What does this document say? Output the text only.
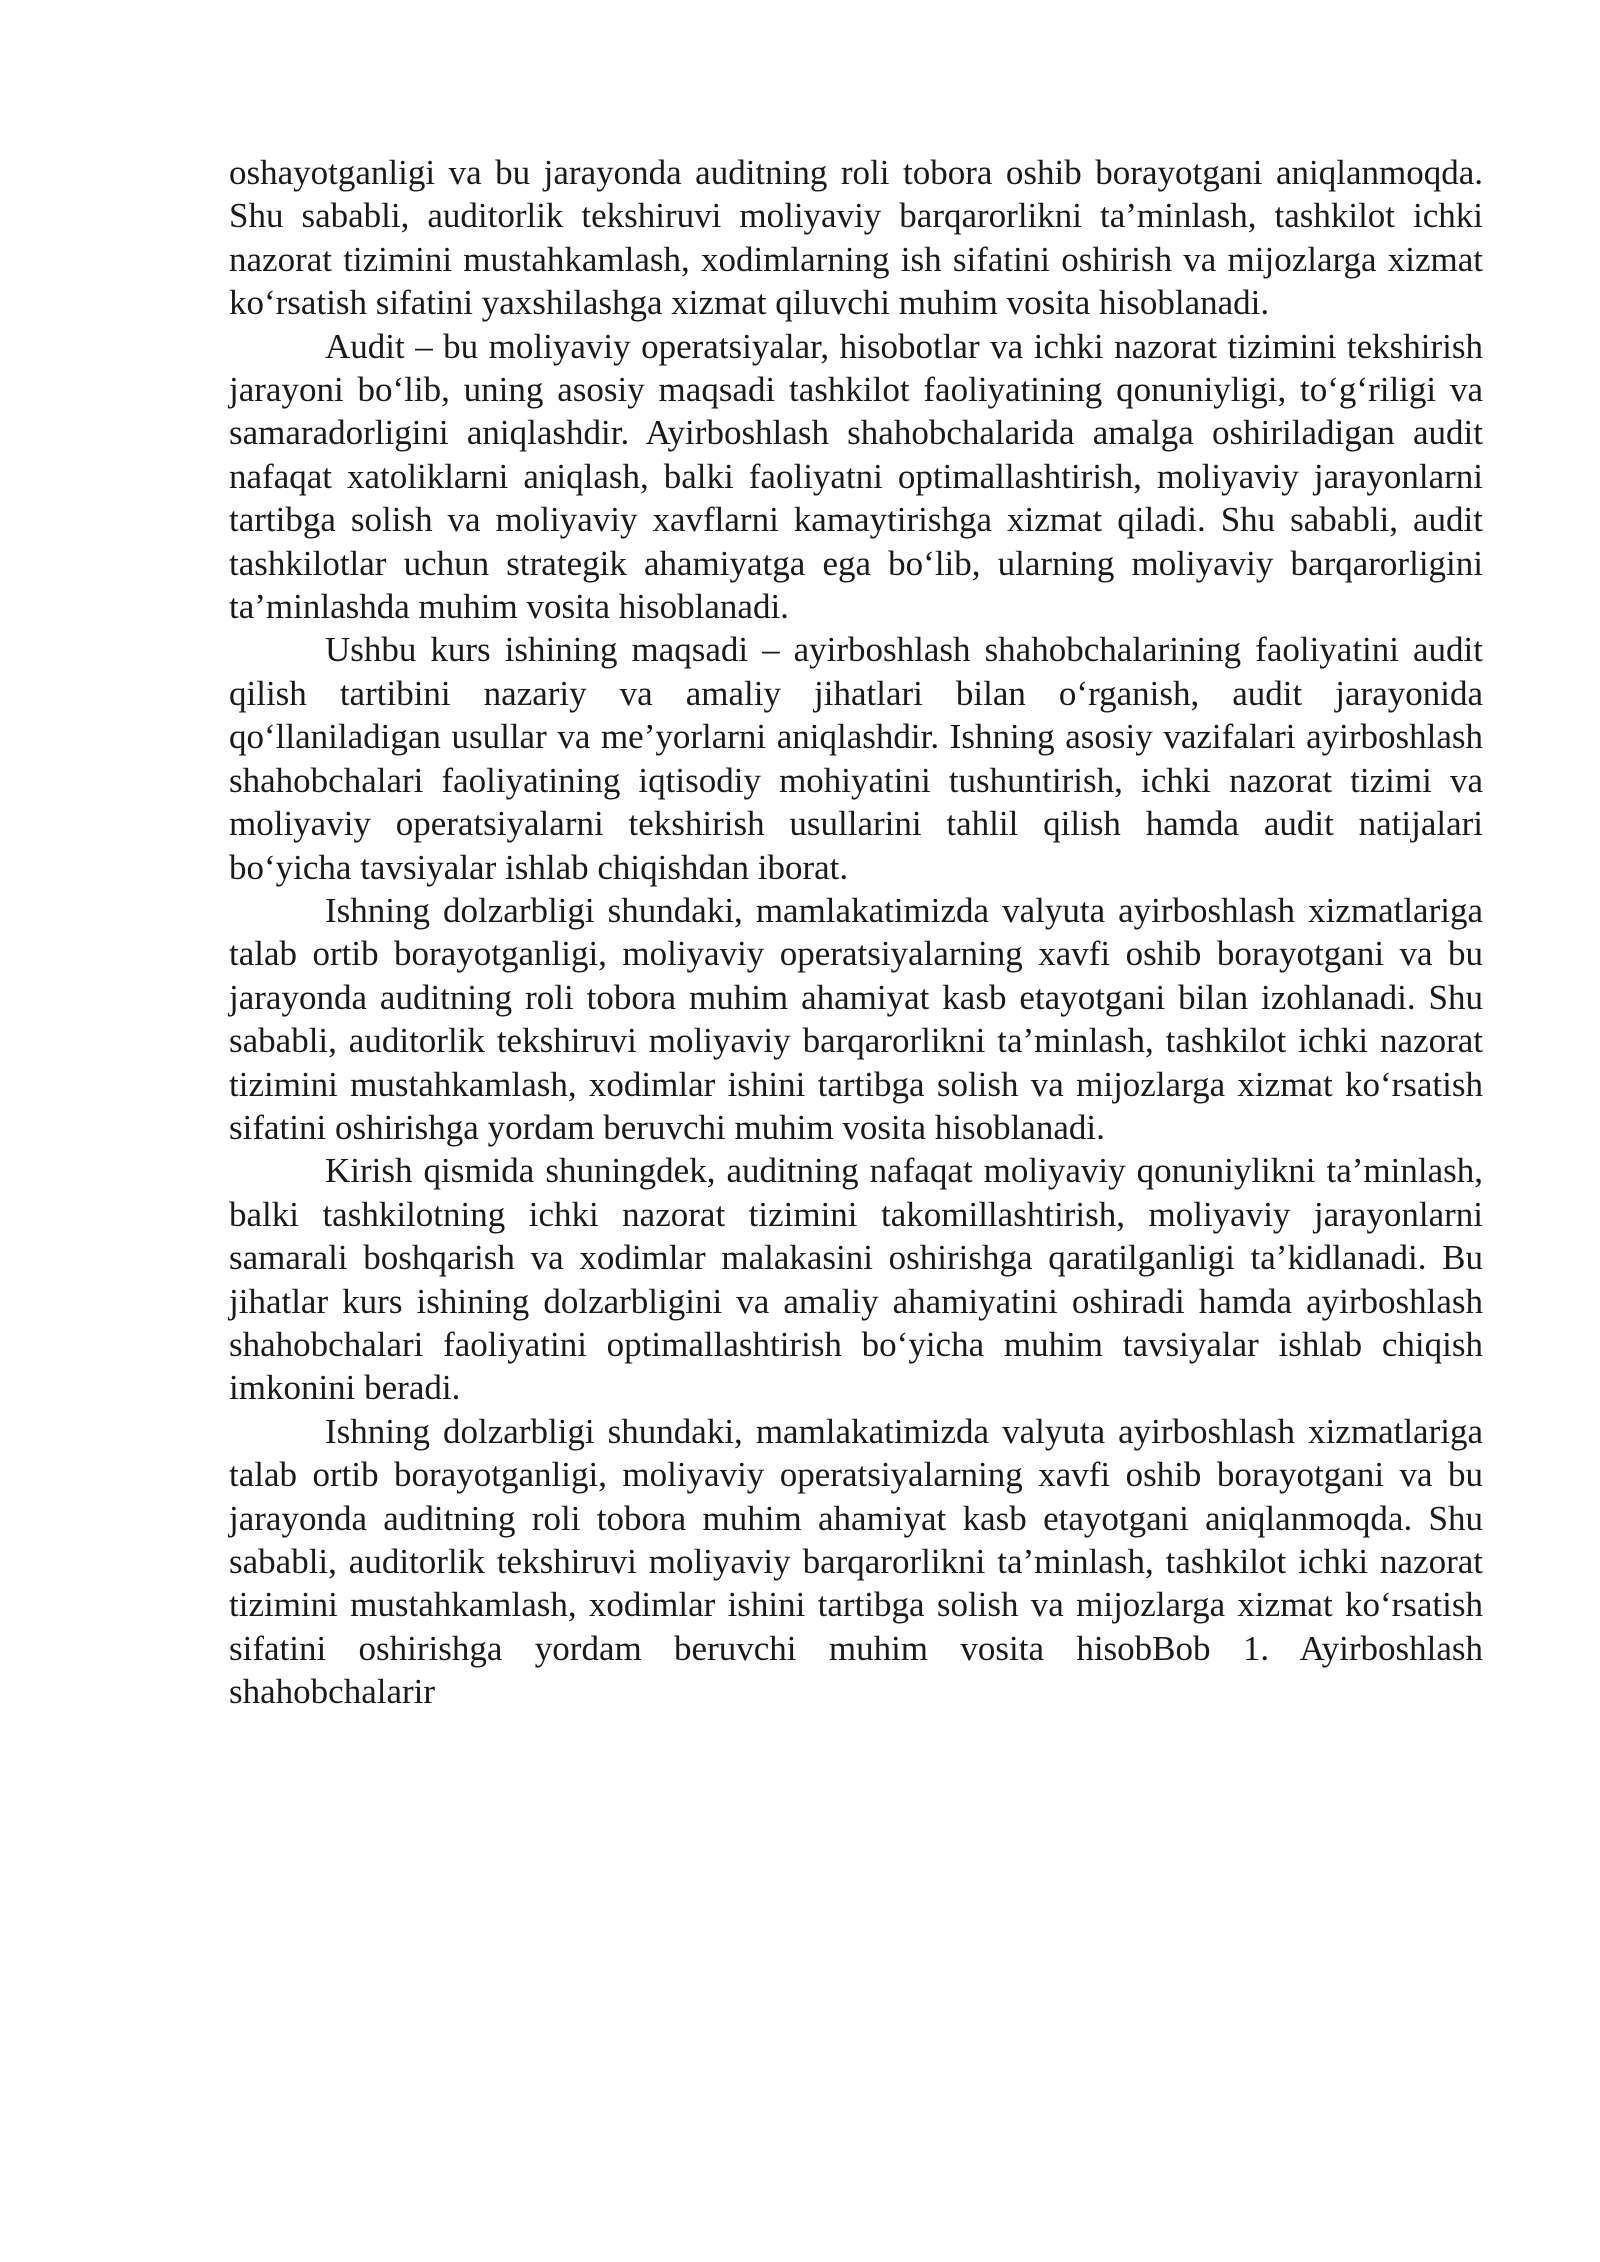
oshayotganligi va bu jarayonda auditning roli tobora oshib borayotgani aniqlanmoqda. Shu sababli, auditorlik tekshiruvi moliyaviy barqarorlikni ta’minlash, tashkilot ichki nazorat tizimini mustahkamlash, xodimlarning ish sifatini oshirish va mijozlarga xizmat ko‘rsatish sifatini yaxshilashga xizmat qiluvchi muhim vosita hisoblanadi.

Audit – bu moliyaviy operatsiyalar, hisobotlar va ichki nazorat tizimini tekshirish jarayoni bo‘lib, uning asosiy maqsadi tashkilot faoliyatining qonuniyligi, to‘g‘riligi va samaradorligini aniqlashdir. Ayirboshlash shahobchalarida amalga oshiriladigan audit nafaqat xatoliklarni aniqlash, balki faoliyatni optimallashtirish, moliyaviy jarayonlarni tartibga solish va moliyaviy xavflarni kamaytirishga xizmat qiladi. Shu sababli, audit tashkilotlar uchun strategik ahamiyatga ega bo‘lib, ularning moliyaviy barqarorligini ta’minlashda muhim vosita hisoblanadi.

Ushbu kurs ishining maqsadi – ayirboshlash shahobchalarining faoliyatini audit qilish tartibini nazariy va amaliy jihatlari bilan o‘rganish, audit jarayonida qo‘llaniladigan usullar va me’yorlarni aniqlashdir. Ishning asosiy vazifalari ayirboshlash shahobchalari faoliyatining iqtisodiy mohiyatini tushuntirish, ichki nazorat tizimi va moliyaviy operatsiyalarni tekshirish usullarini tahlil qilish hamda audit natijalari bo‘yicha tavsiyalar ishlab chiqishdan iborat.

Ishning dolzarbligi shundaki, mamlakatimizda valyuta ayirboshlash xizmatlariga talab ortib borayotganligi, moliyaviy operatsiyalarning xavfi oshib borayotgani va bu jarayonda auditning roli tobora muhim ahamiyat kasb etayotgani bilan izohlanadi. Shu sababli, auditorlik tekshiruvi moliyaviy barqarorlikni ta’minlash, tashkilot ichki nazorat tizimini mustahkamlash, xodimlar ishini tartibga solish va mijozlarga xizmat ko‘rsatish sifatini oshirishga yordam beruvchi muhim vosita hisoblanadi.

Kirish qismida shuningdek, auditning nafaqat moliyaviy qonuniylikni ta’minlash, balki tashkilotning ichki nazorat tizimini takomillashtirish, moliyaviy jarayonlarni samarali boshqarish va xodimlar malakasini oshirishga qaratilganligi ta’kidlanadi. Bu jihatlar kurs ishining dolzarbligini va amaliy ahamiyatini oshiradi hamda ayirboshlash shahobchalari faoliyatini optimallashtirish bo‘yicha muhim tavsiyalar ishlab chiqish imkonini beradi.

Ishning dolzarbligi shundaki, mamlakatimizda valyuta ayirboshlash xizmatlariga talab ortib borayotganligi, moliyaviy operatsiyalarning xavfi oshib borayotgani va bu jarayonda auditning roli tobora muhim ahamiyat kasb etayotgani aniqlanmoqda. Shu sababli, auditorlik tekshiruvi moliyaviy barqarorlikni ta’minlash, tashkilot ichki nazorat tizimini mustahkamlash, xodimlar ishini tartibga solish va mijozlarga xizmat ko‘rsatish sifatini oshirishga yordam beruvchi muhim vosita hisobBob 1. Ayirboshlash shahobchalarir
